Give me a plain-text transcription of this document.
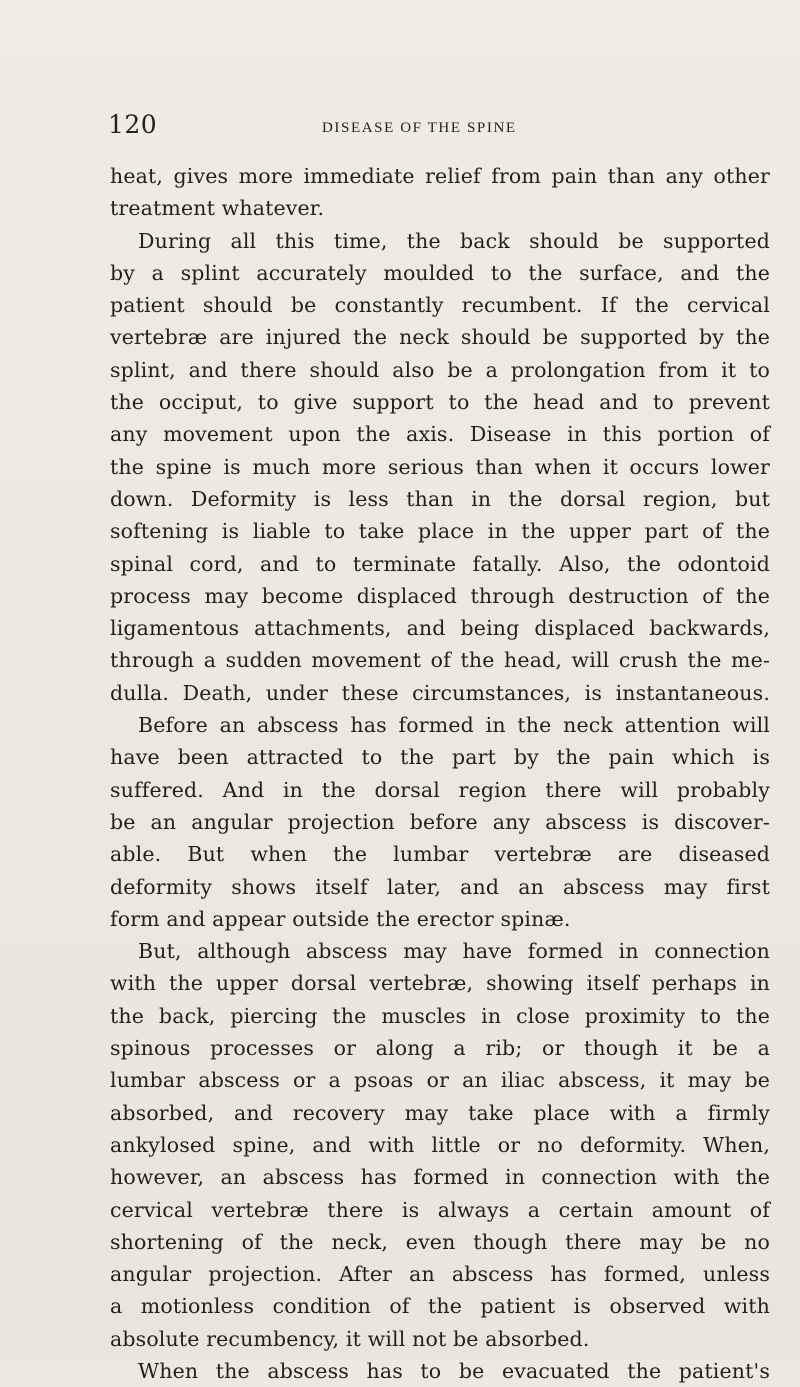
120	DISEASE OF THE SPINE
heat, gives more immediate relief from pain than any other
treatment whatever.
During all this time, the back should be supported
by a splint accurately moulded to the surface, and the
patient should be constantly recumbent. If the cervical
vertebræ are injured the neck should be supported by the
splint, and there should also be a prolongation from it to
the occiput, to give support to the head and to prevent
any movement upon the axis. Disease in this portion of
the spine is much more serious than when it occurs lower
down. Deformity is less than in the dorsal region, but
softening is liable to take place in the upper part of the
spinal cord, and to terminate fatally. Also, the odontoid
process may become displaced through destruction of the
ligamentous attachments, and being displaced backwards,
through a sudden movement of the head, will crush the me-
dulla. Death, under these circumstances, is instantaneous.
Before an abscess has formed in the neck attention will
have been attracted to the part by the pain which is
suffered. And in the dorsal region there will probably
be an angular projection before any abscess is discover-
able. But when the lumbar vertebræ are diseased
deformity shows itself later, and an abscess may first
form and appear outside the erector spinæ.
But, although abscess may have formed in connection
with the upper dorsal vertebræ, showing itself perhaps in
the back, piercing the muscles in close proximity to the
spinous processes or along a rib; or though it be a
lumbar abscess or a psoas or an iliac abscess, it may be
absorbed, and recovery may take place with a firmly
ankylosed spine, and with little or no deformity. When,
however, an abscess has formed in connection with the
cervical vertebræ there is always a certain amount of
shortening of the neck, even though there may be no
angular projection. After an abscess has formed, unless
a motionless condition of the patient is observed with
absolute recumbency, it will not be absorbed.
When the abscess has to be evacuated the patient's
